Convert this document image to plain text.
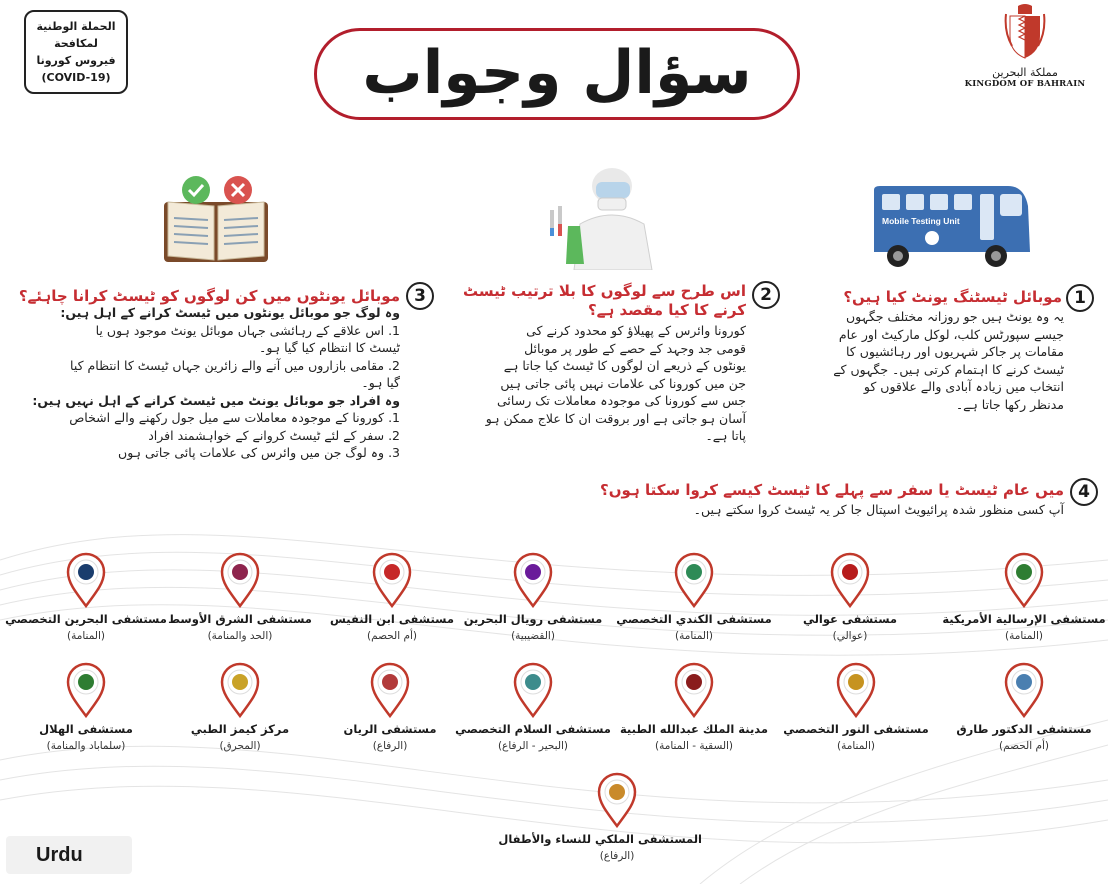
الحملة الوطنية
لمكافحة
فيروس كورونا
(COVID-19)	سؤال وجواب	مملكة البحرين
KINGDOM OF BAHRAIN
Mobile Testing Unit
1
موبائل ٹیسٹنگ یونٹ کیا ہیں؟
یہ وہ یونٹ ہیں جو روزانہ مختلف جگہوں
جیسے سپورٹس کلب، لوکل مارکیٹ اور عام
مقامات پر جاکر شہریوں اور رہائشیوں کا
ٹیسٹ کرنے کا اہتمام کرتی ہیں۔ جگہوں کے
انتخاب میں زیادہ آبادی والے علاقوں کو
مدنظر رکھا جاتا ہے۔
2
اس طرح سے لوگوں کا بلا ترتیب ٹیسٹ
کرنے کا کیا مقصد ہے؟
کورونا وائرس کے پھیلاؤ کو محدود کرنے کی
قومی جد وجہد کے حصے کے طور پر موبائل
یونٹوں کے ذریعے ان لوگوں کا ٹیسٹ کیا جاتا ہے
جن میں کورونا کی علامات نہیں پائی جاتی ہیں
جس سے کورونا کی موجودہ معاملات تک رسائی
آسان ہو جاتی ہے اور بروقت ان کا علاج ممکن ہو
پاتا ہے۔
3
موبائل یونٹوں میں کن لوگوں کو ٹیسٹ کرانا چاہئے؟
وہ لوگ جو موبائل یونٹوں میں ٹیسٹ کرانے کے اہل ہیں:
1. اس علاقے کے رہائشی جہاں موبائل یونٹ موجود ہوں یا
ٹیسٹ کا انتظام کیا گیا ہو۔
2. مقامی بازاروں میں آنے والے زائرین جہاں ٹیسٹ کا انتظام کیا
گیا ہو۔
وہ افراد جو موبائل یونٹ میں ٹیسٹ کرانے کے اہل نہیں ہیں:
1. کورونا کے موجودہ معاملات سے میل جول رکھنے والے اشخاص
2. سفر کے لئے ٹیسٹ کروانے کے خواہشمند افراد
3. وہ لوگ جن میں وائرس کی علامات پائی جاتی ہوں
4
میں عام ٹیسٹ یا سفر سے پہلے کا ٹیسٹ کیسے کروا سکتا ہوں؟
آپ کسی منظور شدہ پرائیویٹ اسپتال جا کر یہ ٹیسٹ کروا سکتے ہیں۔
Urdu
مستشفى الإرسالية الأمريكية
(المنامة)
مستشفى عوالي
(عوالي)
مستشفى الكندي التخصصي
(المنامة)
مستشفى رويال البحرين
(القضيبية)
مستشفى ابن النفيس
(أم الحصم)
مستشفى الشرق الأوسط
(الحد والمنامة)
مستشفى البحرين التخصصي
(المنامة)
مستشفى الدكتور طارق
(أم الحصم)
مستشفى النور التخصصي
(المنامة)
مدينة الملك عبدالله الطبية
(السقية - المنامة)
مستشفى السلام التخصصي
(البحير - الرفاع)
مستشفى الريان
(الرفاع)
مركز كيمز الطبي
(المحرق)
مستشفى الهلال
(سلماباد والمنامة)
المستشفى الملكي للنساء والأطفال
(الرفاع)
